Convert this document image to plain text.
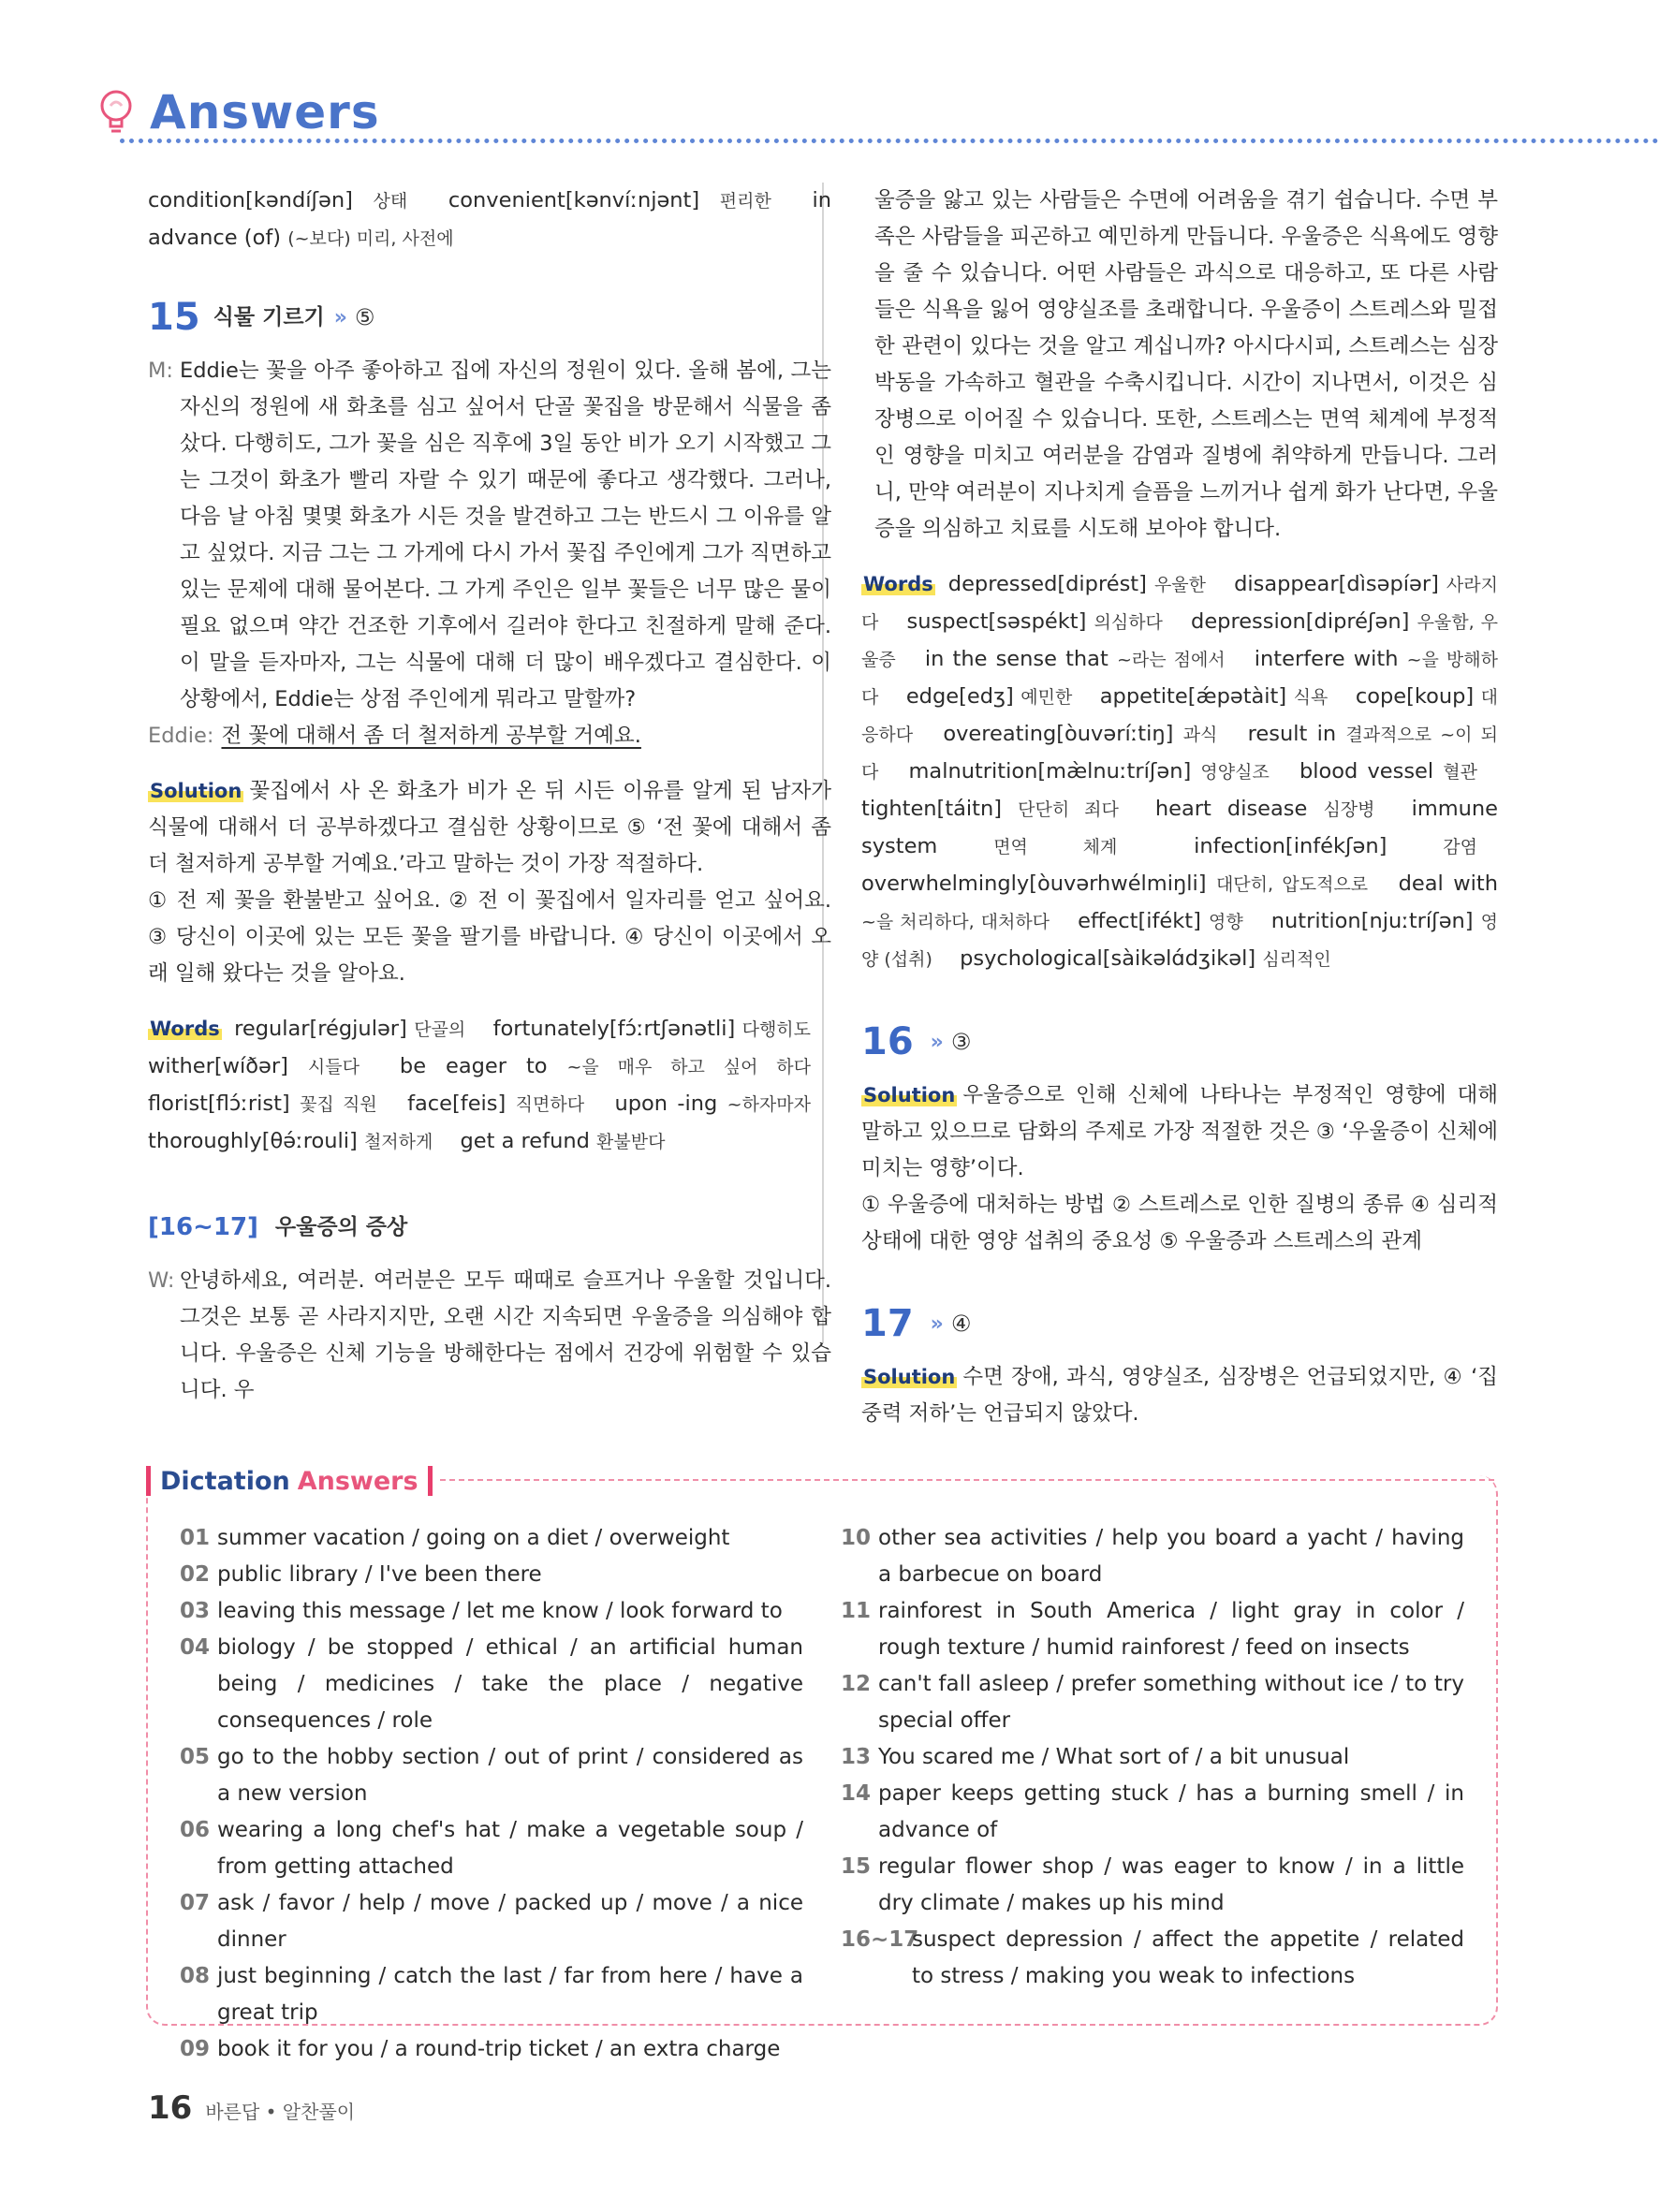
Answers

condition[kəndíʃən] 상태 convenient[kənvíːnjənt] 편리한 in advance (of) (~보다) 미리, 사전에

15 식물 기르기 ›› ⑤
M: Eddie는 꽃을 아주 좋아하고 집에 자신의 정원이 있다. 올해 봄에, 그는 자신의 정원에 새 화초를 심고 싶어서 단골 꽃집을 방문해서 식물을 좀 샀다. 다행히도, 그가 꽃을 심은 직후에 3일 동안 비가 오기 시작했고 그는 그것이 화초가 빨리 자랄 수 있기 때문에 좋다고 생각했다. 그러나, 다음 날 아침 몇몇 화초가 시든 것을 발견하고 그는 반드시 그 이유를 알고 싶었다. 지금 그는 그 가게에 다시 가서 꽃집 주인에게 그가 직면하고 있는 문제에 대해 물어본다. 그 가게 주인은 일부 꽃들은 너무 많은 물이 필요 없으며 약간 건조한 기후에서 길러야 한다고 친절하게 말해 준다. 이 말을 듣자마자, 그는 식물에 대해 더 많이 배우겠다고 결심한다. 이 상황에서, Eddie는 상점 주인에게 뭐라고 말할까?
Eddie: 전 꽃에 대해서 좀 더 철저하게 공부할 거예요.

Solution 꽃집에서 사 온 화초가 비가 온 뒤 시든 이유를 알게 된 남자가 식물에 대해서 더 공부하겠다고 결심한 상황이므로 ⑤ ‘전 꽃에 대해서 좀 더 철저하게 공부할 거예요.’라고 말하는 것이 가장 적절하다.

① 전 제 꽃을 환불받고 싶어요. ② 전 이 꽃집에서 일자리를 얻고 싶어요. ③ 당신이 이곳에 있는 모든 꽃을 팔기를 바랍니다. ④ 당신이 이곳에서 오래 일해 왔다는 것을 알아요.

Words regular[régjulər] 단골의 fortunately[fɔ́ːrtʃənətli] 다행히도 wither[wíðər] 시들다 be eager to ~을 매우 하고 싶어 하다 florist[flɔ́ːrist] 꽃집 직원 face[feis] 직면하다 upon -ing ~하자마자 thoroughly[θə́ːrouli] 철저하게 get a refund 환불받다

[16~17] 우울증의 증상
W: 안녕하세요, 여러분. 여러분은 모두 때때로 슬프거나 우울할 것입니다. 그것은 보통 곧 사라지지만, 오랜 시간 지속되면 우울증을 의심해야 합니다. 우울증은 신체 기능을 방해한다는 점에서 건강에 위험할 수 있습니다. 우

울증을 앓고 있는 사람들은 수면에 어려움을 겪기 쉽습니다. 수면 부족은 사람들을 피곤하고 예민하게 만듭니다. 우울증은 식욕에도 영향을 줄 수 있습니다. 어떤 사람들은 과식으로 대응하고, 또 다른 사람들은 식욕을 잃어 영양실조를 초래합니다. 우울증이 스트레스와 밀접한 관련이 있다는 것을 알고 계십니까? 아시다시피, 스트레스는 심장 박동을 가속하고 혈관을 수축시킵니다. 시간이 지나면서, 이것은 심장병으로 이어질 수 있습니다. 또한, 스트레스는 면역 체계에 부정적인 영향을 미치고 여러분을 감염과 질병에 취약하게 만듭니다. 그러니, 만약 여러분이 지나치게 슬픔을 느끼거나 쉽게 화가 난다면, 우울증을 의심하고 치료를 시도해 보아야 합니다.

Words depressed[diprést] 우울한 disappear[dìsəpíər] 사라지다 suspect[səspékt] 의심하다 depression[dipréʃən] 우울함, 우울증 in the sense that ~라는 점에서 interfere with ~을 방해하다 edge[edʒ] 예민한 appetite[ǽpətàit] 식욕 cope[koup] 대응하다 overeating[òuvəríːtiŋ] 과식 result in 결과적으로 ~이 되다 malnutrition[mæ̀lnuːtríʃən] 영양실조 blood vessel 혈관 tighten[táitn] 단단히 죄다 heart disease 심장병 immune system	면역 체계	infection[infékʃən]	감염 overwhelmingly[òuvərhwélmiŋli] 대단히, 압도적으로 deal with ~을 처리하다, 대처하다 effect[ifékt] 영향 nutrition[njuːtríʃən] 영양 (섭취) psychological[sàikəlɑ́dʒikəl] 심리적인

16 ›› ③

Solution 우울증으로 인해 신체에 나타나는 부정적인 영향에 대해 말하고 있으므로 담화의 주제로 가장 적절한 것은 ③ ‘우울증이 신체에 미치는 영향’이다.

① 우울증에 대처하는 방법 ② 스트레스로 인한 질병의 종류 ④ 심리적 상태에 대한 영양 섭취의 중요성 ⑤ 우울증과 스트레스의 관계

17 ›› ④

Solution 수면 장애, 과식, 영양실조, 심장병은 언급되었지만, ④ ‘집중력 저하’는 언급되지 않았다.

Dictation Answers
01 summer vacation / going on a diet / overweight
02 public library / I've been there
03 leaving this message / let me know / look forward to
04 biology / be stopped / ethical / an artificial human being / medicines / take the place / negative consequences / role
05 go to the hobby section / out of print / considered as a new version
06 wearing a long chef's hat / make a vegetable soup / from getting attached
07 ask / favor / help / move / packed up / move / a nice dinner
08 just beginning / catch the last / far from here / have a great trip
09 book it for you / a round-trip ticket / an extra charge
10 other sea activities / help you board a yacht / having a barbecue on board
11 rainforest in South America / light gray in color / rough texture / humid rainforest / feed on insects
12 can't fall asleep / prefer something without ice / to try special offer
13 You scared me / What sort of / a bit unusual
14 paper keeps getting stuck / has a burning smell / in advance of
15 regular flower shop / was eager to know / in a little dry climate / makes up his mind
16~17
suspect depression / affect the appetite / related to stress / making you weak to infections
16 바른답 • 알찬풀이
